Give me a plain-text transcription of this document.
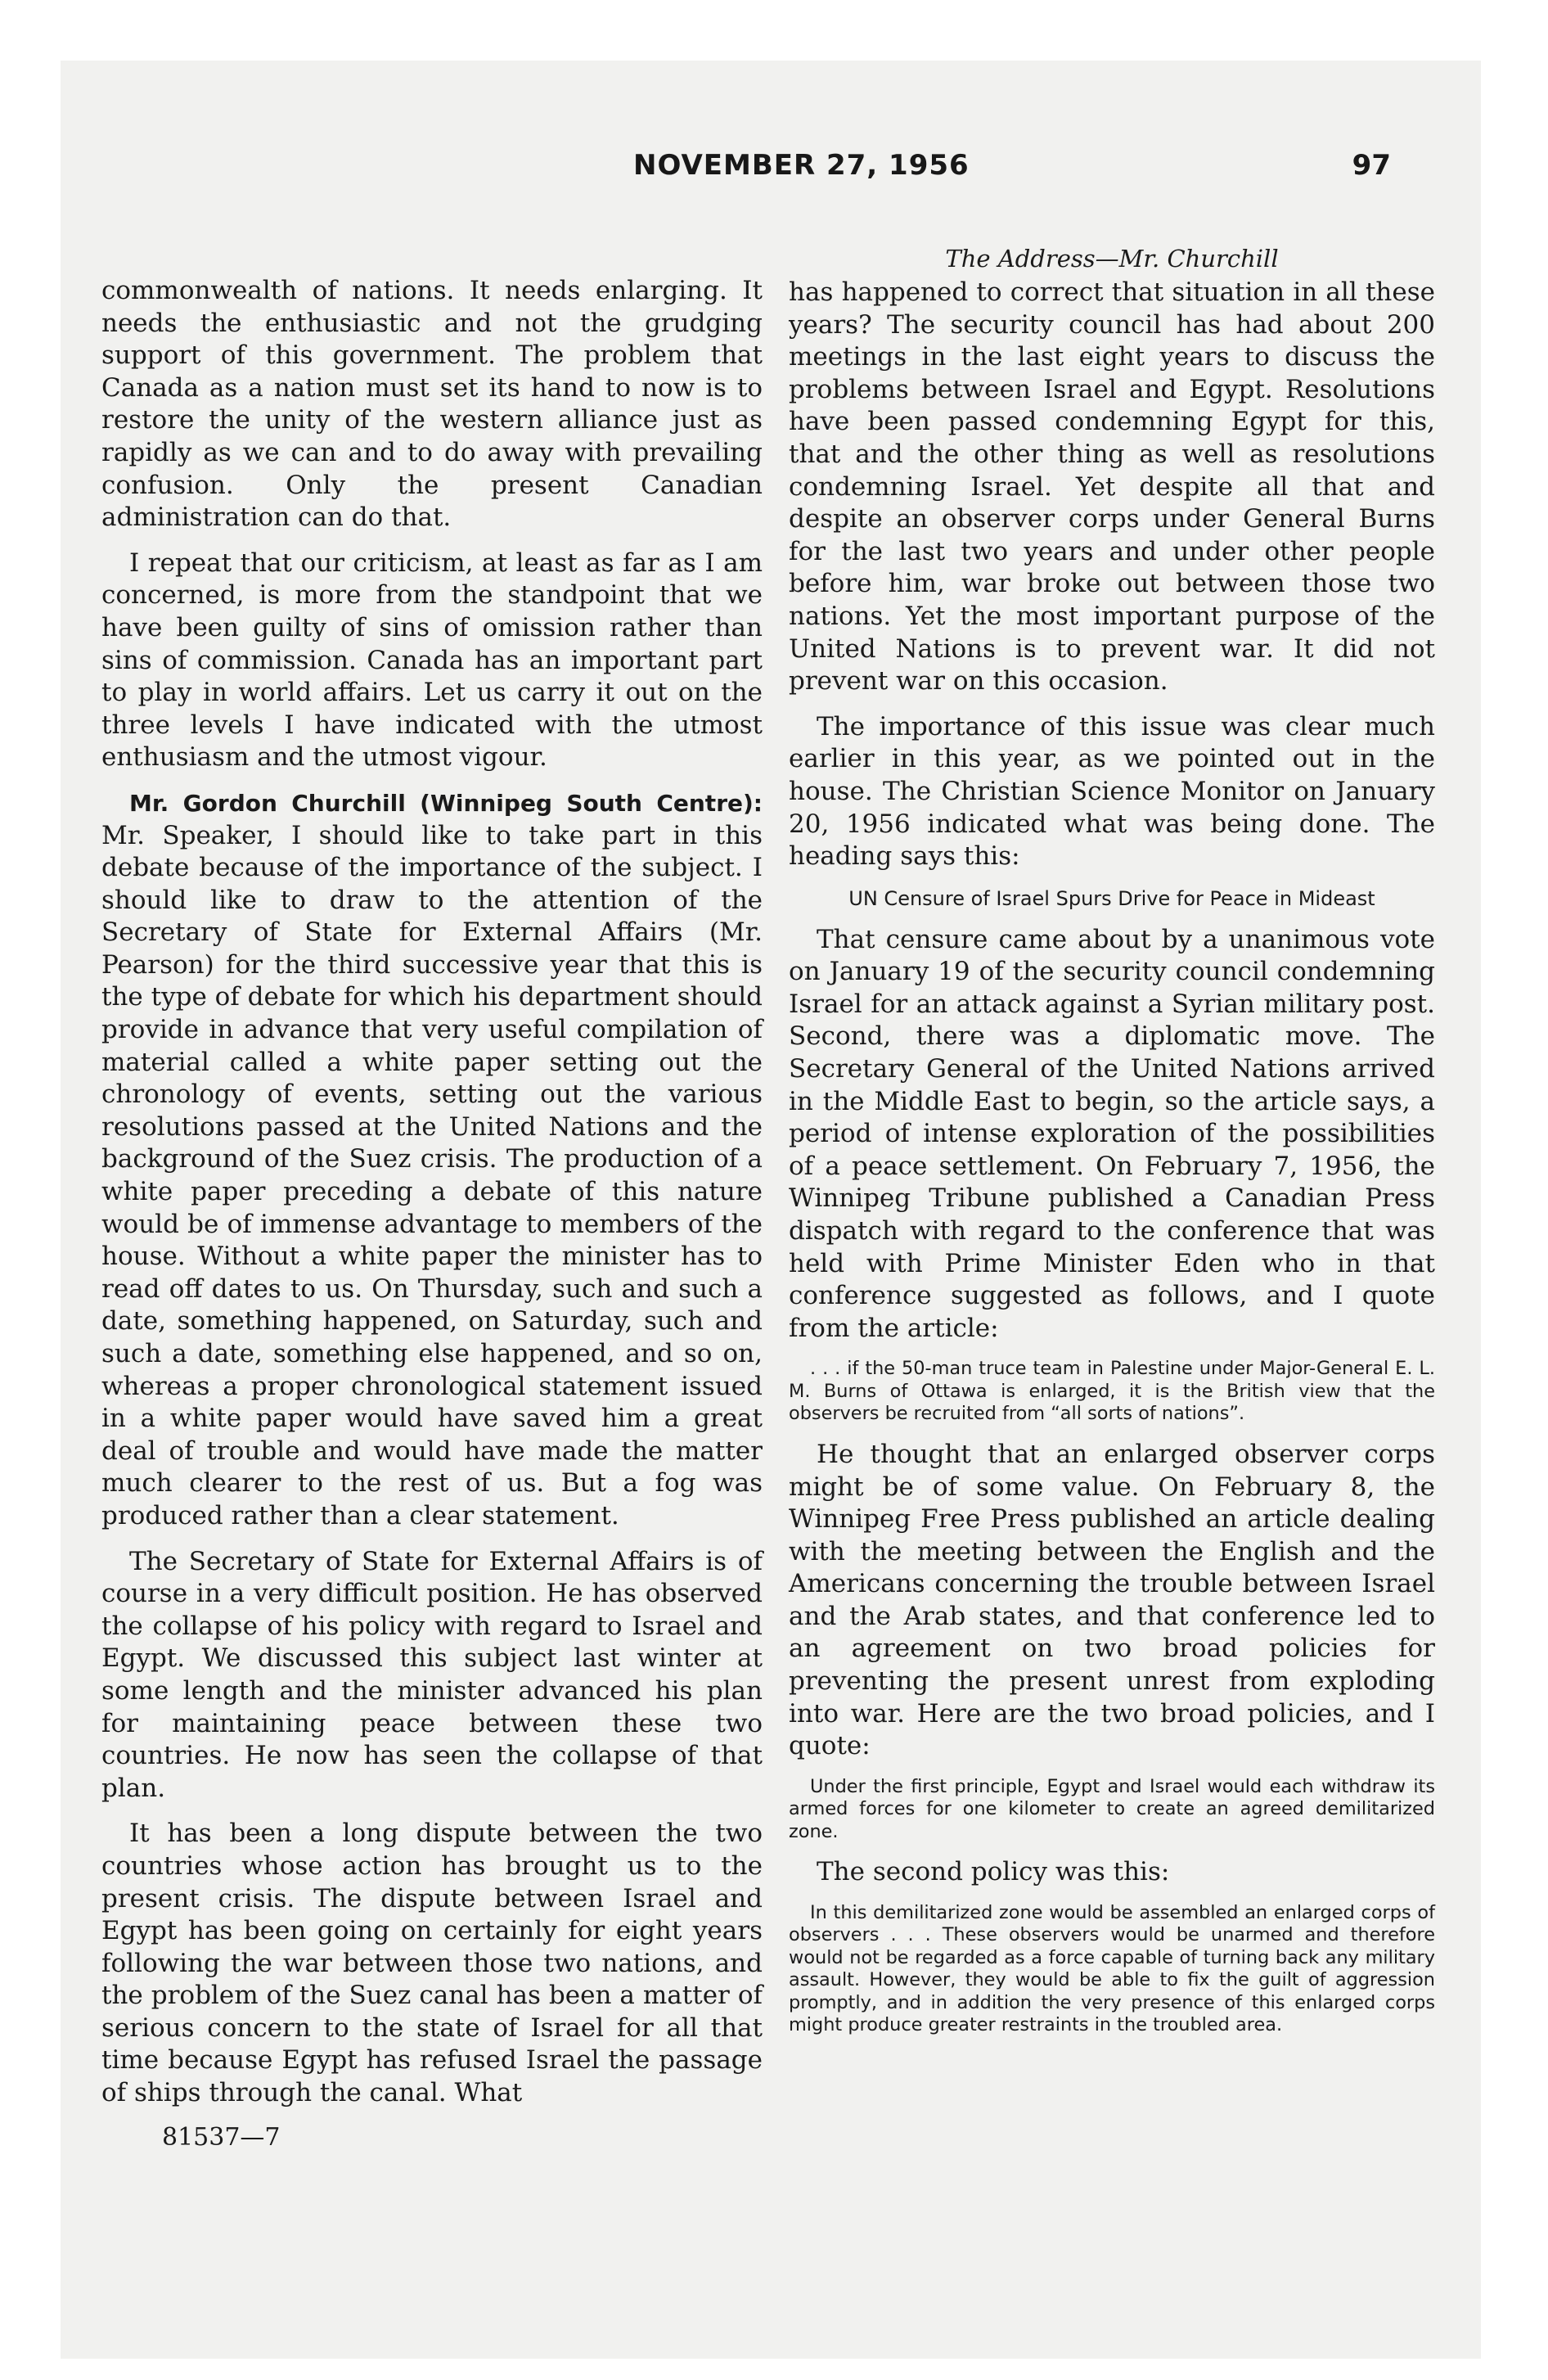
NOVEMBER 27, 1956	97

commonwealth of nations. It needs enlarging. It needs the enthusiastic and not the grudging support of this government. The problem that Canada as a nation must set its hand to now is to restore the unity of the western alliance just as rapidly as we can and to do away with prevailing confusion. Only the present Canadian administration can do that.

I repeat that our criticism, at least as far as I am concerned, is more from the standpoint that we have been guilty of sins of omission rather than sins of commission. Canada has an important part to play in world affairs. Let us carry it out on the three levels I have indicated with the utmost enthusiasm and the utmost vigour.

Mr. Gordon Churchill (Winnipeg South Centre): Mr. Speaker, I should like to take part in this debate because of the importance of the subject. I should like to draw to the attention of the Secretary of State for External Affairs (Mr. Pearson) for the third successive year that this is the type of debate for which his department should provide in advance that very useful compilation of material called a white paper setting out the chronology of events, setting out the various resolutions passed at the United Nations and the background of the Suez crisis. The production of a white paper preceding a debate of this nature would be of immense advantage to members of the house. Without a white paper the minister has to read off dates to us. On Thursday, such and such a date, something happened, on Saturday, such and such a date, something else happened, and so on, whereas a proper chronological statement issued in a white paper would have saved him a great deal of trouble and would have made the matter much clearer to the rest of us. But a fog was produced rather than a clear statement.

The Secretary of State for External Affairs is of course in a very difficult position. He has observed the collapse of his policy with regard to Israel and Egypt. We discussed this subject last winter at some length and the minister advanced his plan for maintaining peace between these two countries. He now has seen the collapse of that plan.

It has been a long dispute between the two countries whose action has brought us to the present crisis. The dispute between Israel and Egypt has been going on certainly for eight years following the war between those two nations, and the problem of the Suez canal has been a matter of serious concern to the state of Israel for all that time because Egypt has refused Israel the passage of ships through the canal. What

81537—7
The Address—Mr. Churchill

has happened to correct that situation in all these years? The security council has had about 200 meetings in the last eight years to discuss the problems between Israel and Egypt. Resolutions have been passed condemning Egypt for this, that and the other thing as well as resolutions condemning Israel. Yet despite all that and despite an observer corps under General Burns for the last two years and under other people before him, war broke out between those two nations. Yet the most important purpose of the United Nations is to prevent war. It did not prevent war on this occasion.

The importance of this issue was clear much earlier in this year, as we pointed out in the house. The Christian Science Monitor on January 20, 1956 indicated what was being done. The heading says this:

UN Censure of Israel Spurs Drive for Peace in Mideast

That censure came about by a unanimous vote on January 19 of the security council condemning Israel for an attack against a Syrian military post. Second, there was a diplomatic move. The Secretary General of the United Nations arrived in the Middle East to begin, so the article says, a period of intense exploration of the possibilities of a peace settlement. On February 7, 1956, the Winnipeg Tribune published a Canadian Press dispatch with regard to the conference that was held with Prime Minister Eden who in that conference suggested as follows, and I quote from the article:

. . . if the 50-man truce team in Palestine under Major-General E. L. M. Burns of Ottawa is enlarged, it is the British view that the observers be recruited from “all sorts of nations”.

He thought that an enlarged observer corps might be of some value. On February 8, the Winnipeg Free Press published an article dealing with the meeting between the English and the Americans concerning the trouble between Israel and the Arab states, and that conference led to an agreement on two broad policies for preventing the present unrest from exploding into war. Here are the two broad policies, and I quote:

Under the first principle, Egypt and Israel would each withdraw its armed forces for one kilometer to create an agreed demilitarized zone.

The second policy was this:

In this demilitarized zone would be assembled an enlarged corps of observers . . . These observers would be unarmed and therefore would not be regarded as a force capable of turning back any military assault. However, they would be able to fix the guilt of aggression promptly, and in addition the very presence of this enlarged corps might produce greater restraints in the troubled area.
